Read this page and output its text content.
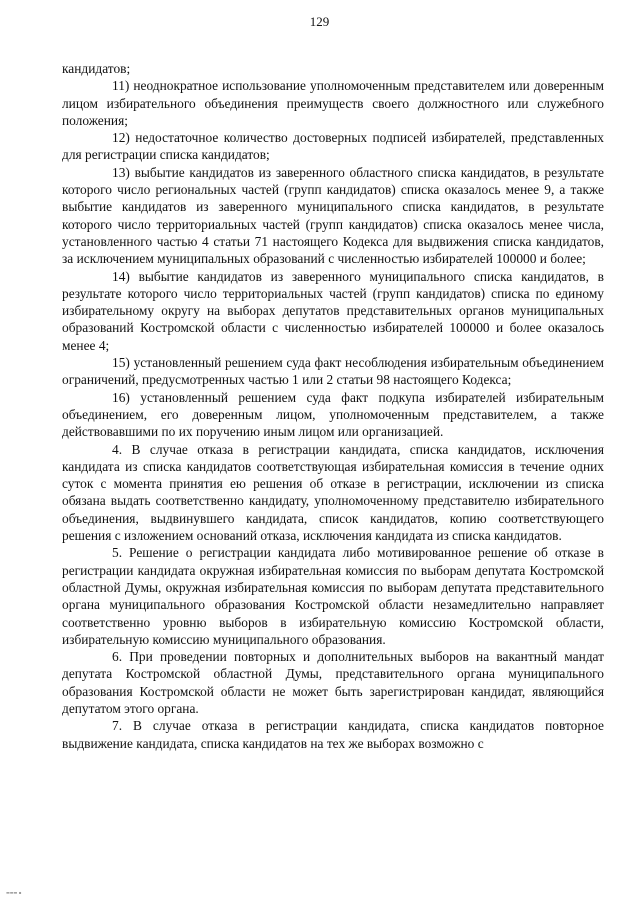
129

кандидатов;

11) неоднократное использование уполномоченным представителем или доверенным лицом избирательного объединения преимуществ своего должностного или служебного положения;

12) недостаточное количество достоверных подписей избирателей, представленных для регистрации списка кандидатов;

13) выбытие кандидатов из заверенного областного списка кандидатов, в результате которого число региональных частей (групп кандидатов) списка оказалось менее 9, а также выбытие кандидатов из заверенного муниципального списка кандидатов, в результате которого число территориальных частей (групп кандидатов) списка оказалось менее числа, установленного частью 4 статьи 71 настоящего Кодекса для выдвижения списка кандидатов, за исключением муниципальных образований с численностью избирателей 100000 и более;

14) выбытие кандидатов из заверенного муниципального списка кандидатов, в результате которого число территориальных частей (групп кандидатов) списка по единому избирательному округу на выборах депутатов представительных органов муниципальных образований Костромской области с численностью избирателей 100000 и более оказалось менее 4;

15) установленный решением суда факт несоблюдения избирательным объединением ограничений, предусмотренных частью 1 или 2 статьи 98 настоящего Кодекса;

16) установленный решением суда факт подкупа избирателей избирательным объединением, его доверенным лицом, уполномоченным представителем, а также действовавшими по их поручению иным лицом или организацией.

4. В случае отказа в регистрации кандидата, списка кандидатов, исключения кандидата из списка кандидатов соответствующая избирательная комиссия в течение одних суток с момента принятия ею решения об отказе в регистрации, исключении из списка обязана выдать соответственно кандидату, уполномоченному представителю избирательного объединения, выдвинувшего кандидата, список кандидатов, копию соответствующего решения с изложением оснований отказа, исключения кандидата из списка кандидатов.

5. Решение о регистрации кандидата либо мотивированное решение об отказе в регистрации кандидата окружная избирательная комиссия по выборам депутата Костромской областной Думы, окружная избирательная комиссия по выборам депутата представительного органа муниципального образования Костромской области незамедлительно направляет соответственно уровню выборов в избирательную комиссию Костромской области, избирательную комиссию муниципального образования.

6. При проведении повторных и дополнительных выборов на вакантный мандат депутата Костромской областной Думы, представительного органа муниципального образования Костромской области не может быть зарегистрирован кандидат, являющийся депутатом этого органа.

7. В случае отказа в регистрации кандидата, списка кандидатов повторное выдвижение кандидата, списка кандидатов на тех же выборах возможно с

▬▬▬ ▪
